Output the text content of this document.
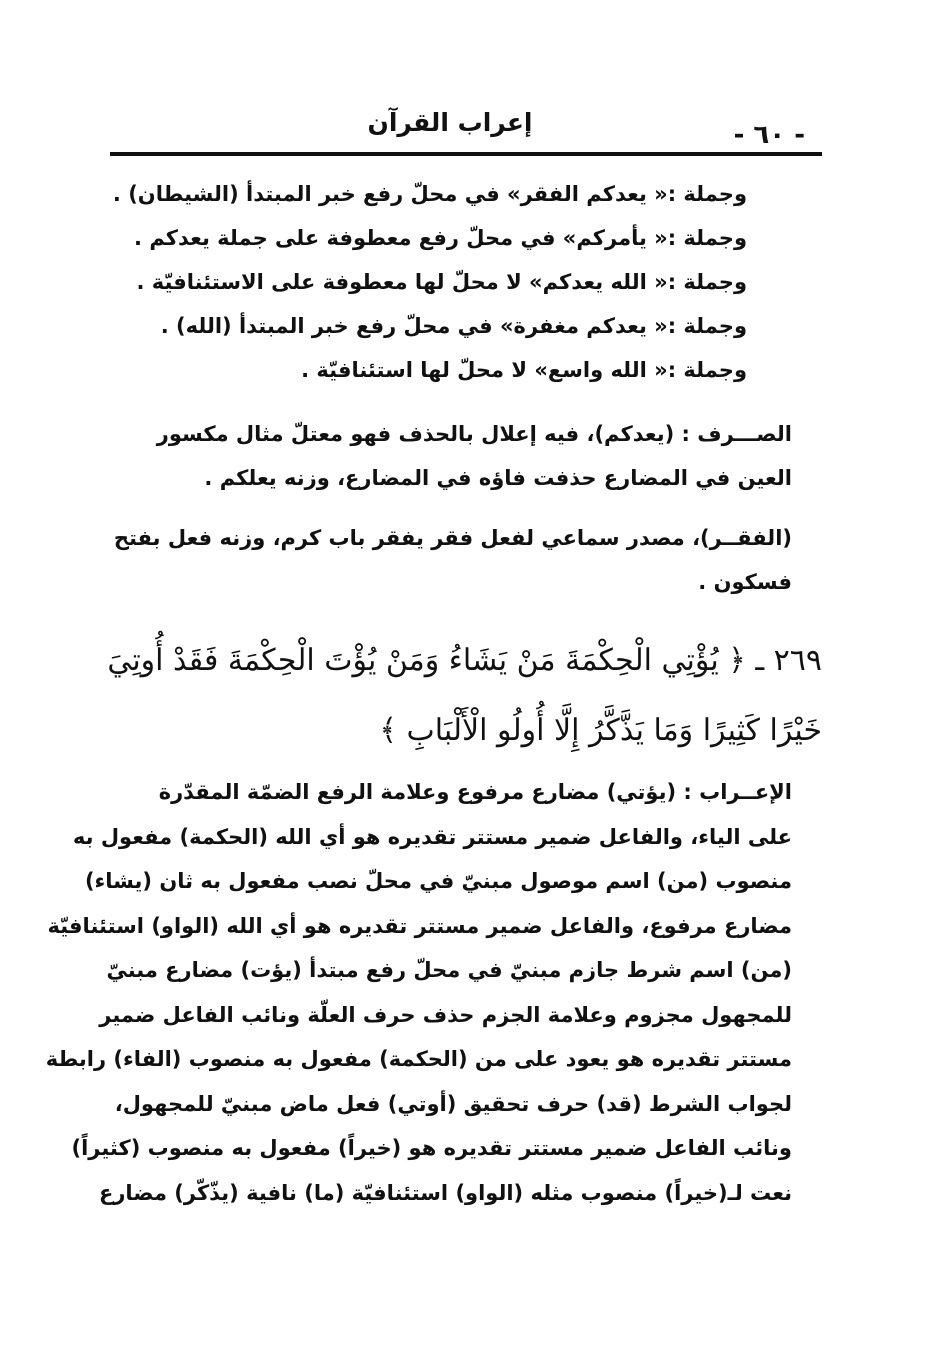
إعراب القرآن	- ٦٠ -
وجملة :« يعدكم الفقر» في محلّ رفع خبر المبتدأ (الشيطان) .
وجملة :« يأمركم» في محلّ رفع معطوفة على جملة يعدكم .
وجملة :« الله يعدكم» لا محلّ لها معطوفة على الاستئنافيّة .
وجملة :« يعدكم مغفرة» في محلّ رفع خبر المبتدأ (الله) .
وجملة :« الله واسع» لا محلّ لها استئنافيّة .
الصـــرف : (يعدكم)، فيه إعلال بالحذف فهو معتلّ مثال مكسور
العين في المضارع حذفت فاؤه في المضارع، وزنه يعلكم .
(الفقــر)، مصدر سماعي لفعل فقر يفقر باب كرم، وزنه فعل بفتح
فسكون .
٢٦٩ ـ ﴿ يُؤْتِي الْحِكْمَةَ مَنْ يَشَاءُ وَمَنْ يُؤْتَ الْحِكْمَةَ فَقَدْ أُوتِيَ
خَيْرًا كَثِيرًا وَمَا يَذَّكَّرُ إِلَّا أُولُو الْأَلْبَابِ ﴾
الإعــراب : (يؤتي) مضارع مرفوع وعلامة الرفع الضمّة المقدّرة
على الياء، والفاعل ضمير مستتر تقديره هو أي الله (الحكمة) مفعول به
منصوب (من) اسم موصول مبنيّ في محلّ نصب مفعول به ثان (يشاء)
مضارع مرفوع، والفاعل ضمير مستتر تقديره هو أي الله (الواو) استئنافيّة
(من) اسم شرط جازم مبنيّ في محلّ رفع مبتدأ (يؤت) مضارع مبنيّ
للمجهول مجزوم وعلامة الجزم حذف حرف العلّة ونائب الفاعل ضمير
مستتر تقديره هو يعود على من (الحكمة) مفعول به منصوب (الفاء) رابطة
لجواب الشرط (قد) حرف تحقيق (أوتي) فعل ماض مبنيّ للمجهول،
ونائب الفاعل ضمير مستتر تقديره هو (خيراً) مفعول به منصوب (كثيراً)
نعت لـ(خيراً) منصوب مثله (الواو) استئنافيّة (ما) نافية (يذّكّر) مضارع
